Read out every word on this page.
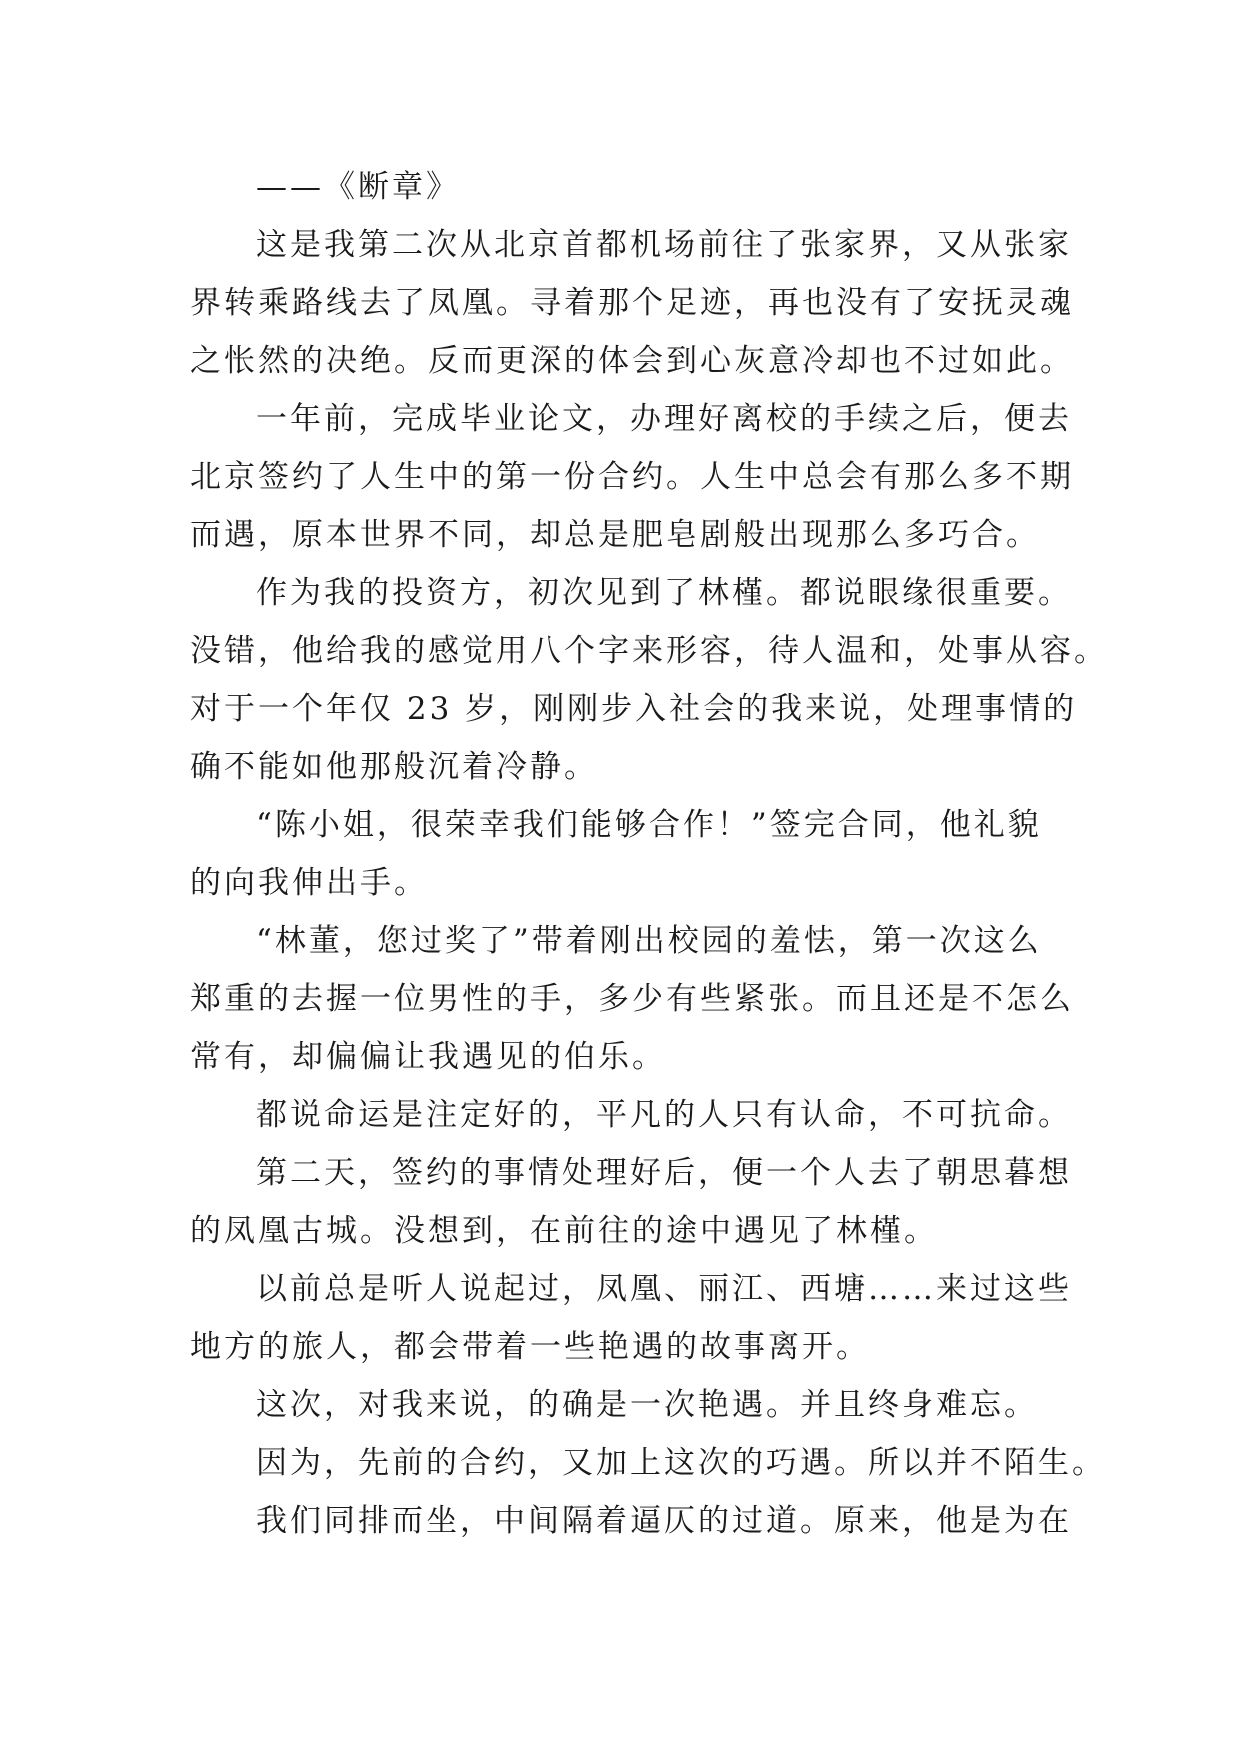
——《断章》
这是我第二次从北京首都机场前往了张家界，又从张家
界转乘路线去了凤凰。寻着那个足迹，再也没有了安抚灵魂
之怅然的决绝。反而更深的体会到心灰意冷却也不过如此。
一年前，完成毕业论文，办理好离校的手续之后，便去
北京签约了人生中的第一份合约。人生中总会有那么多不期
而遇，原本世界不同，却总是肥皂剧般出现那么多巧合。
作为我的投资方，初次见到了林槿。都说眼缘很重要。
没错，他给我的感觉用八个字来形容，待人温和，处事从容。
对于一个年仅 23 岁，刚刚步入社会的我来说，处理事情的
确不能如他那般沉着冷静。
“陈小姐，很荣幸我们能够合作！”签完合同，他礼貌
的向我伸出手。
“林董，您过奖了”带着刚出校园的羞怯，第一次这么
郑重的去握一位男性的手，多少有些紧张。而且还是不怎么
常有，却偏偏让我遇见的伯乐。
都说命运是注定好的，平凡的人只有认命，不可抗命。
第二天，签约的事情处理好后，便一个人去了朝思暮想
的凤凰古城。没想到，在前往的途中遇见了林槿。
以前总是听人说起过，凤凰、丽江、西塘……来过这些
地方的旅人，都会带着一些艳遇的故事离开。
这次，对我来说，的确是一次艳遇。并且终身难忘。
因为，先前的合约，又加上这次的巧遇。所以并不陌生。
我们同排而坐，中间隔着逼仄的过道。原来，他是为在
